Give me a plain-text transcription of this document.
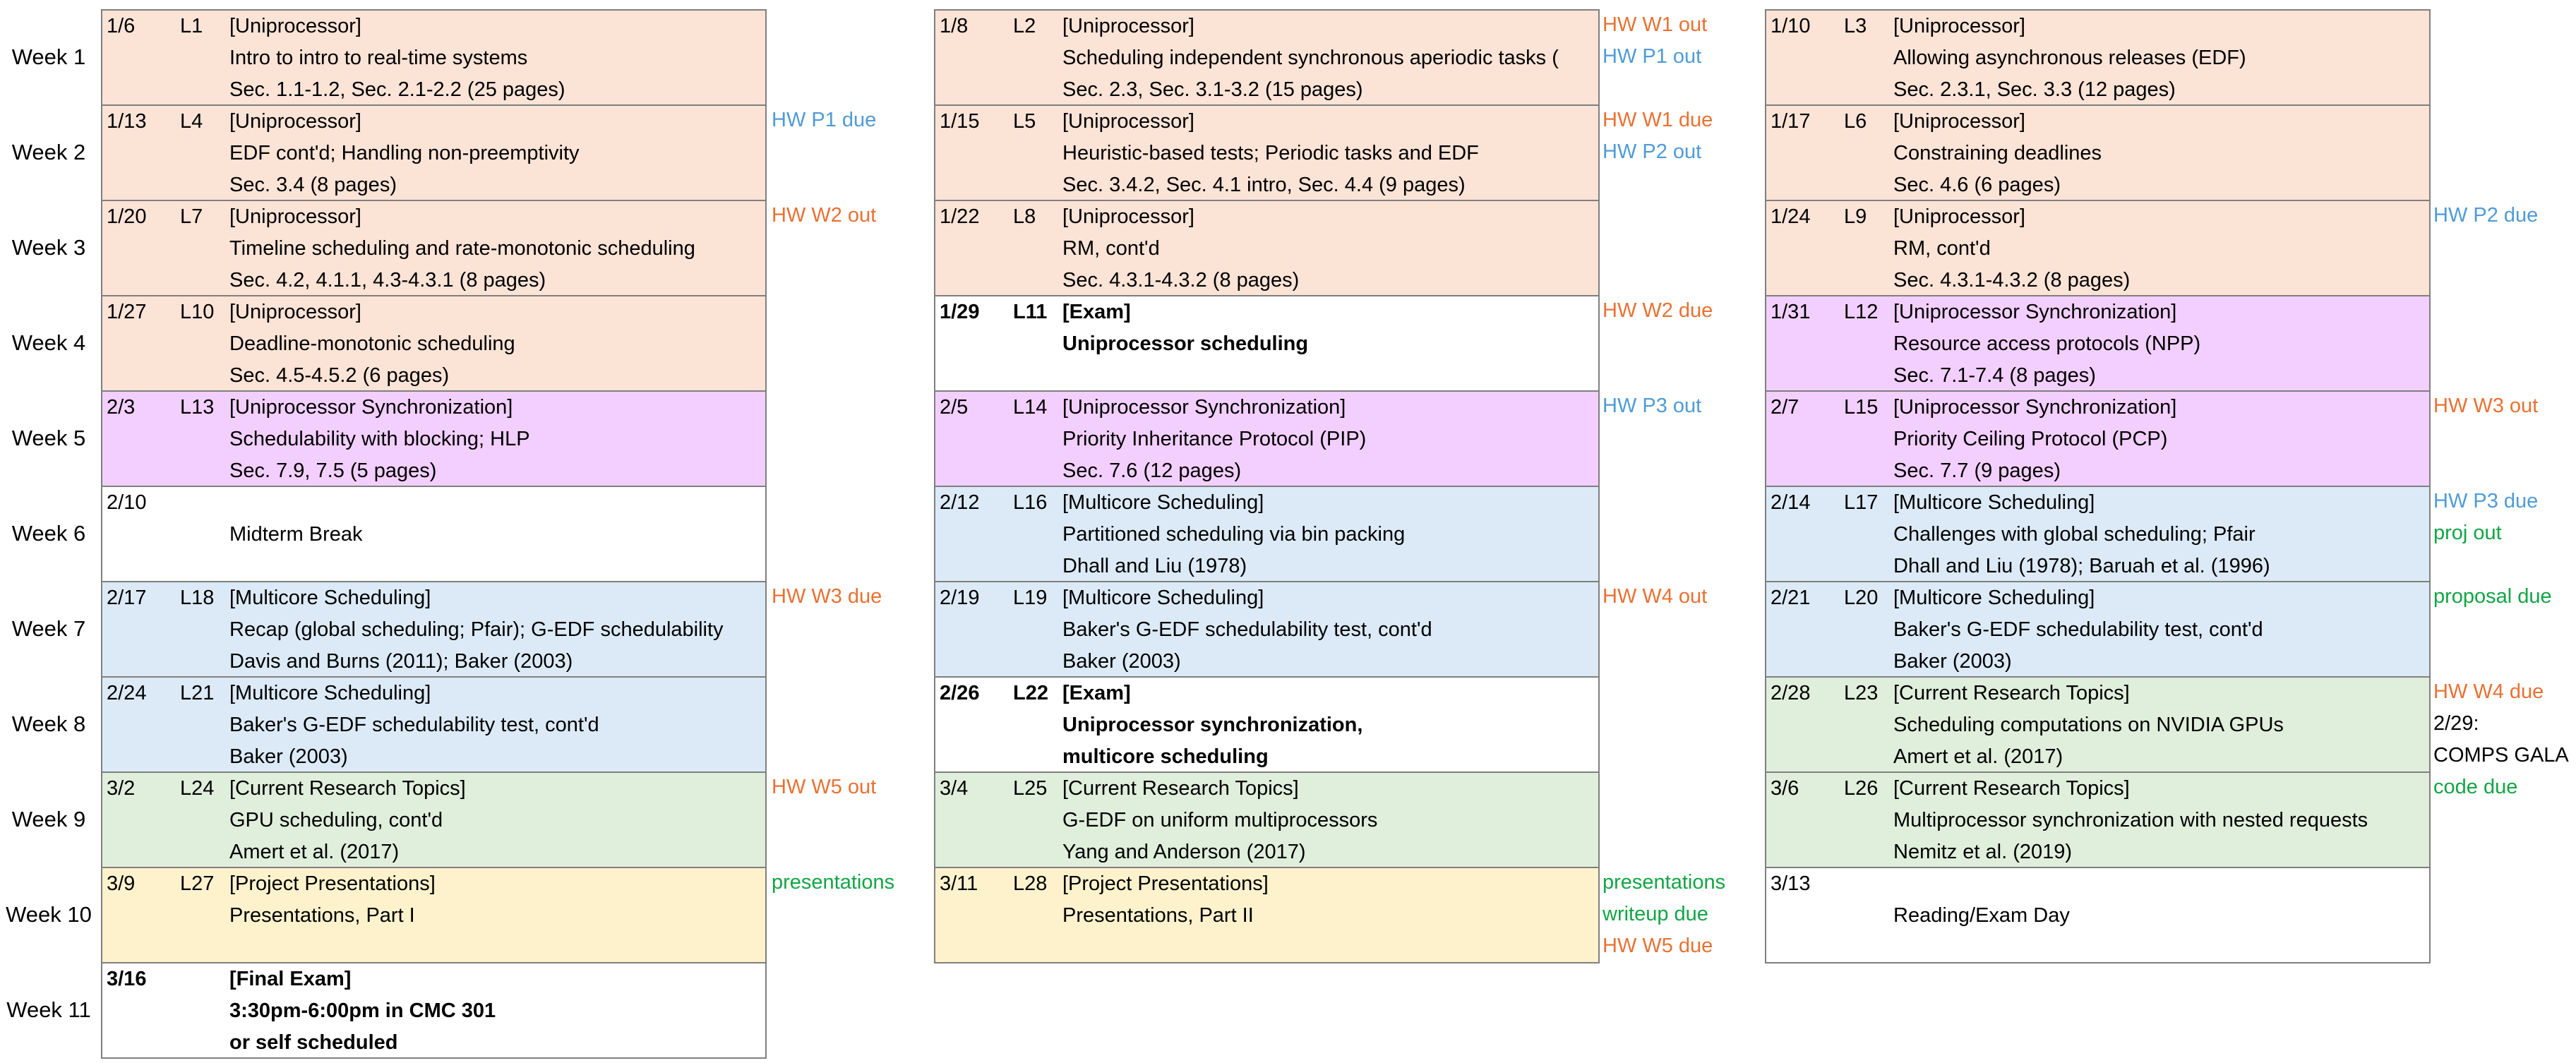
Week 1
Week 2
Week 3
Week 4
Week 5
Week 6
Week 7
Week 8
Week 9
Week 10
Week 11
1/6 L1 [Uniprocessor]
Intro to intro to real-time systems
Sec. 1.1-1.2, Sec. 2.1-2.2 (25 pages)
1/13 L4 [Uniprocessor]
EDF cont'd; Handling non-preemptivity
Sec. 3.4 (8 pages)
1/20 L7 [Uniprocessor]
Timeline scheduling and rate-monotonic scheduling
Sec. 4.2, 4.1.1, 4.3-4.3.1 (8 pages)
1/27 L10 [Uniprocessor]
Deadline-monotonic scheduling
Sec. 4.5-4.5.2 (6 pages)
2/3 L13 [Uniprocessor Synchronization]
Schedulability with blocking; HLP
Sec. 7.9, 7.5 (5 pages)
2/10
Midterm Break
2/17 L18 [Multicore Scheduling]
Recap (global scheduling; Pfair); G-EDF schedulability
Davis and Burns (2011); Baker (2003)
2/24 L21 [Multicore Scheduling]
Baker's G-EDF schedulability test, cont'd
Baker (2003)
3/2 L24 [Current Research Topics]
GPU scheduling, cont'd
Amert et al. (2017)
3/9 L27 [Project Presentations]
Presentations, Part I
3/16	[Final Exam]
3:30pm-6:00pm in CMC 301
or self scheduled
HW P1 due
HW W2 out
HW W3 due
HW W5 out
presentations
1/8 L2 [Uniprocessor]
Scheduling independent synchronous aperiodic tasks (
Sec. 2.3, Sec. 3.1-3.2 (15 pages)
1/15 L5 [Uniprocessor]
Heuristic-based tests; Periodic tasks and EDF
Sec. 3.4.2, Sec. 4.1 intro, Sec. 4.4 (9 pages)
1/22 L8 [Uniprocessor]
RM, cont'd
Sec. 4.3.1-4.3.2 (8 pages)
1/29 L11 [Exam]
Uniprocessor scheduling
2/5 L14 [Uniprocessor Synchronization]
Priority Inheritance Protocol (PIP)
Sec. 7.6 (12 pages)
2/12 L16 [Multicore Scheduling]
Partitioned scheduling via bin packing
Dhall and Liu (1978)
2/19 L19 [Multicore Scheduling]
Baker's G-EDF schedulability test, cont'd
Baker (2003)
2/26 L22 [Exam]
Uniprocessor synchronization,
multicore scheduling
3/4 L25 [Current Research Topics]
G-EDF on uniform multiprocessors
Yang and Anderson (2017)
3/11 L28 [Project Presentations]
Presentations, Part II
HW W1 out
HW P1 out
HW W1 due
HW P2 out
HW W2 due
HW P3 out
HW W4 out
presentations
writeup due
HW W5 due
1/10 L3 [Uniprocessor]
Allowing asynchronous releases (EDF)
Sec. 2.3.1, Sec. 3.3 (12 pages)
1/17 L6 [Uniprocessor]
Constraining deadlines
Sec. 4.6 (6 pages)
1/24 L9 [Uniprocessor]
RM, cont'd
Sec. 4.3.1-4.3.2 (8 pages)
1/31 L12 [Uniprocessor Synchronization]
Resource access protocols (NPP)
Sec. 7.1-7.4 (8 pages)
2/7 L15 [Uniprocessor Synchronization]
Priority Ceiling Protocol (PCP)
Sec. 7.7 (9 pages)
2/14 L17 [Multicore Scheduling]
Challenges with global scheduling; Pfair
Dhall and Liu (1978); Baruah et al. (1996)
2/21 L20 [Multicore Scheduling]
Baker's G-EDF schedulability test, cont'd
Baker (2003)
2/28 L23 [Current Research Topics]
Scheduling computations on NVIDIA GPUs
Amert et al. (2017)
3/6 L26 [Current Research Topics]
Multiprocessor synchronization with nested requests
Nemitz et al. (2019)
3/13
Reading/Exam Day
HW P2 due
HW W3 out
HW P3 due
proj out
proposal due
HW W4 due
2/29:
COMPS GALA
code due
